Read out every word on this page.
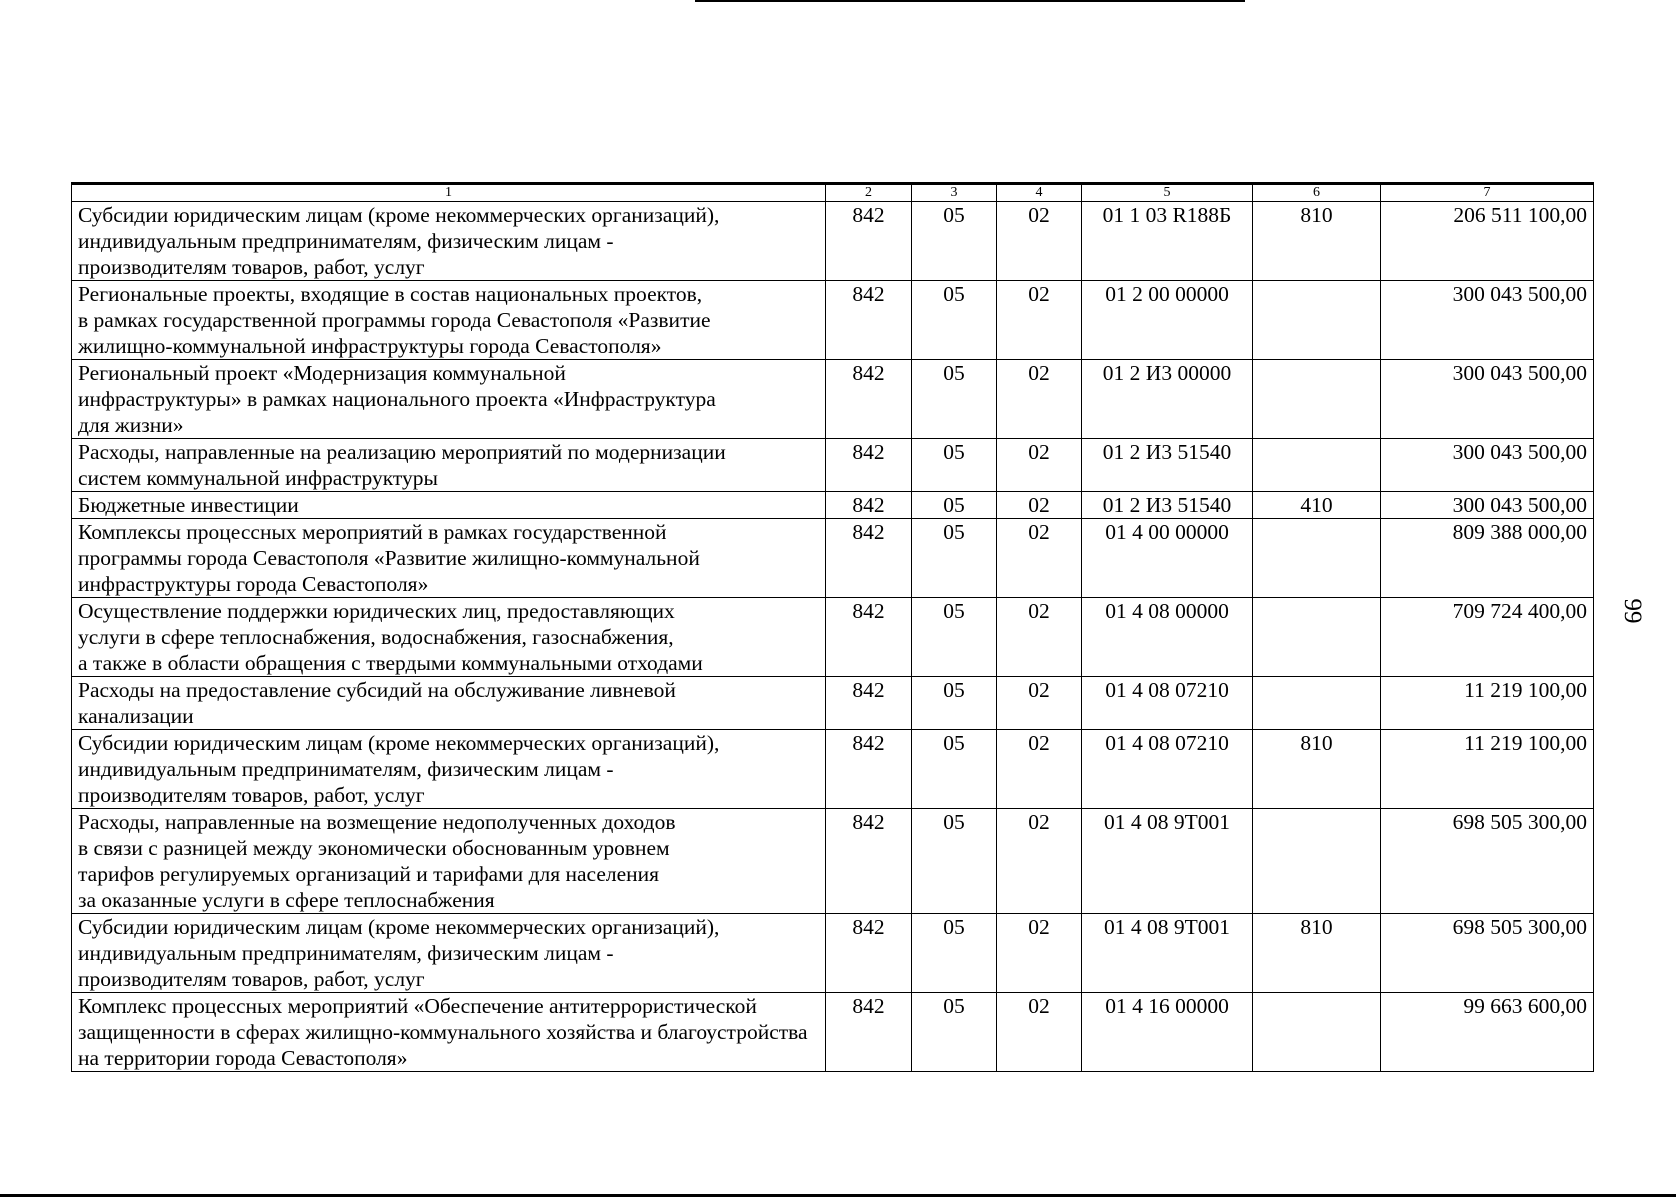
1	2	3	4	5	6	7

Субсидии юридическим лицам (кроме некоммерческих организаций),
индивидуальным предпринимателям, физическим лицам -
производителям товаров, работ, услуг	842	05	02	01 1 03 R188Б	810	206 511 100,00

Региональные проекты, входящие в состав национальных проектов,
в рамках государственной программы города Севастополя «Развитие
жилищно-коммунальной инфраструктуры города Севастополя»	842	05	02	01 2 00 00000		300 043 500,00

Региональный проект «Модернизация коммунальной
инфраструктуры» в рамках национального проекта «Инфраструктура
для жизни»	842	05	02	01 2 И3 00000		300 043 500,00

Расходы, направленные на реализацию мероприятий по модернизации
систем коммунальной инфраструктуры	842	05	02	01 2 И3 51540		300 043 500,00

Бюджетные инвестиции	842	05	02	01 2 И3 51540	410	300 043 500,00

Комплексы процессных мероприятий в рамках государственной
программы города Севастополя «Развитие жилищно-коммунальной
инфраструктуры города Севастополя»	842	05	02	01 4 00 00000		809 388 000,00

Осуществление поддержки юридических лиц, предоставляющих
услуги в сфере теплоснабжения, водоснабжения, газоснабжения,
а также в области обращения с твердыми коммунальными отходами	842	05	02	01 4 08 00000		709 724 400,00

Расходы на предоставление субсидий на обслуживание ливневой
канализации	842	05	02	01 4 08 07210		11 219 100,00

Субсидии юридическим лицам (кроме некоммерческих организаций),
индивидуальным предпринимателям, физическим лицам -
производителям товаров, работ, услуг	842	05	02	01 4 08 07210	810	11 219 100,00

Расходы, направленные на возмещение недополученных доходов
в связи с разницей между экономически обоснованным уровнем
тарифов регулируемых организаций и тарифами для населения
за оказанные услуги в сфере теплоснабжения	842	05	02	01 4 08 9Т001		698 505 300,00

Субсидии юридическим лицам (кроме некоммерческих организаций),
индивидуальным предпринимателям, физическим лицам -
производителям товаров, работ, услуг	842	05	02	01 4 08 9Т001	810	698 505 300,00
Комплекс процессных мероприятий «Обеспечение антитеррористической защищенности в сферах жилищно-коммунального хозяйства и благоустройства на территории города Севастополя»	842	05	02	01 4 16 00000		99 663 600,00
99
